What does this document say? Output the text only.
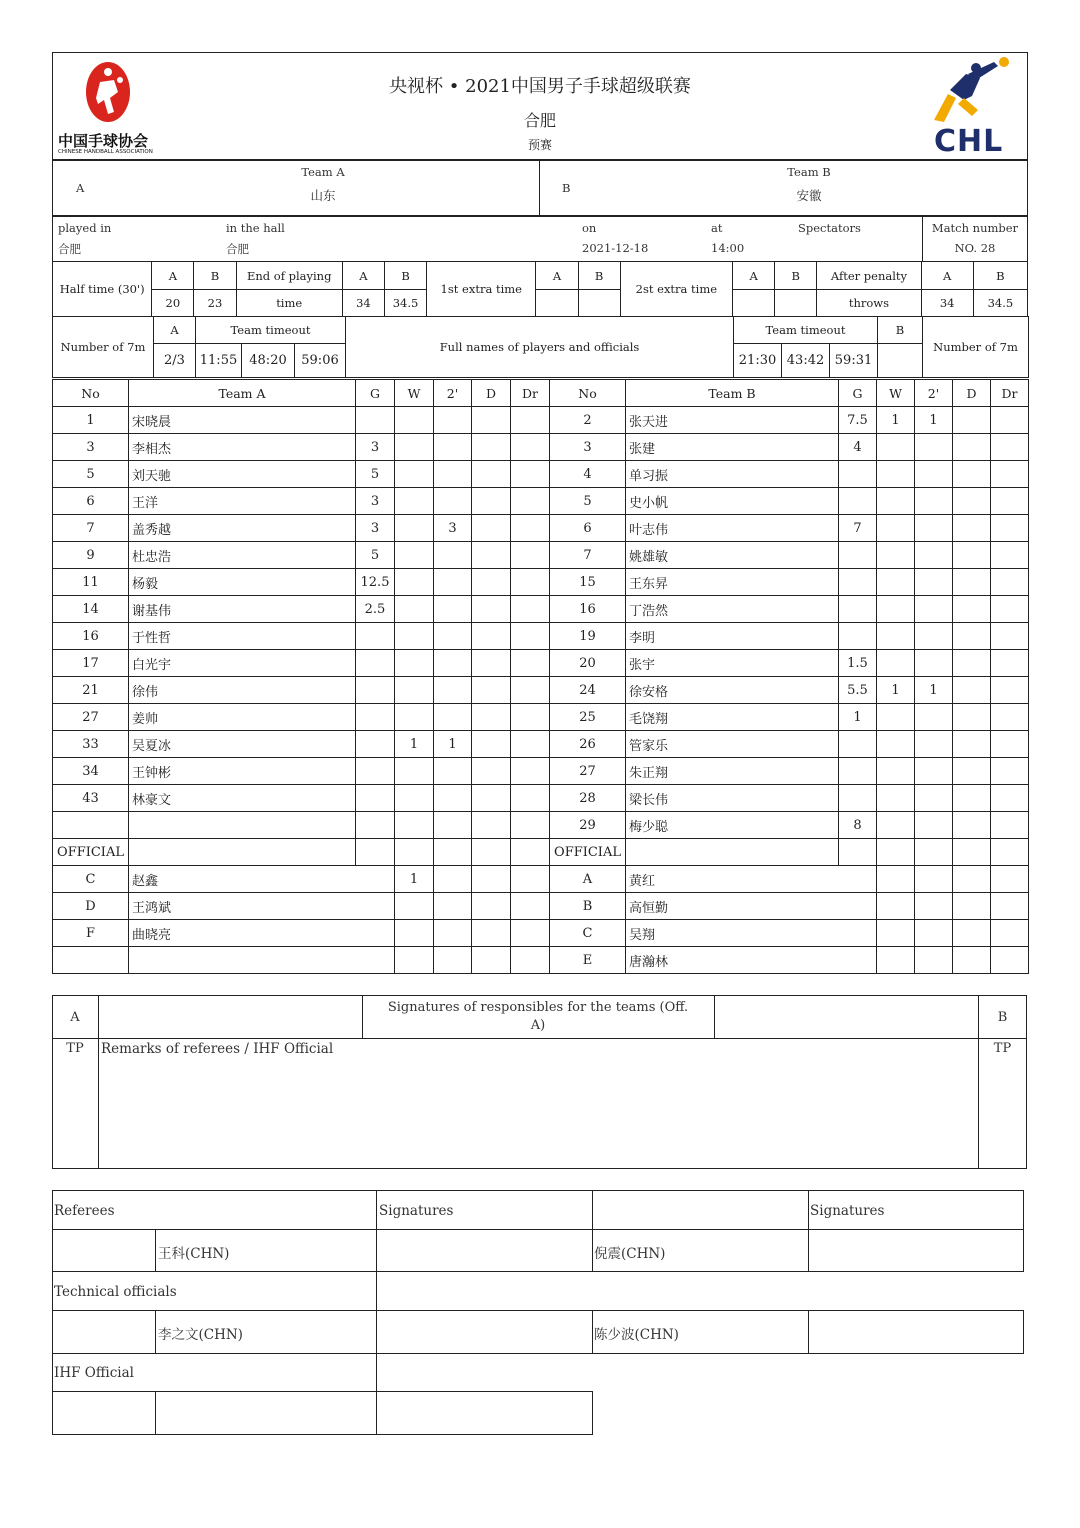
中国手球协会
CHINESE HANDBALL ASSOCIATION
央视杯 • 2021中国男子手球超级联赛
合肥
预赛	CHL
A
Team A
山东	B
Team B
安徽
played in
合肥
in the hall
合肥
on
2021-12-18
at
14:00
Spectators	Match number
NO. 28
Half time (30')	A	B	End of playing	A	B	1st extra time	A	B	2st extra time	A	B	After penalty	A	B
	20	23	time	34	34.5							throws	34	34.5
Number of 7m	A	Team timeout			Full names of players and officials	Team timeout			B	Number of 7m
	2/3	11:55	48:20	59:06		21:30	43:42	59:31		
No	Team A	G	W	2'	D	Dr	No	Team B	G	W	2'	D	Dr
1	宋晓晨						2	张天进	7.5	1	1		
3	李相杰	3					3	张建	4				
5	刘天驰	5					4	单习振					
6	王洋	3					5	史小帆					
7	盖秀越	3		3			6	叶志伟	7				
9	杜忠浩	5					7	姚雄敏					
11	杨毅	12.5					15	王东昇					
14	谢基伟	2.5					16	丁浩然					
16	于性哲						19	李明					
17	白光宇						20	张宇	1.5				
21	徐伟						24	徐安格	5.5	1	1		
27	姜帅						25	毛饶翔	1				
33	吴夏冰		1	1			26	管家乐					
34	王钟彬						27	朱正翔					
43	林豪文						28	梁长伟					
							29	梅少聪	8				
OFFICIAL							OFFICIAL						
C	赵鑫		1				A	黄红					
D	王鸿斌						B	高恒勤					
F	曲晓亮						C	吴翔					
							E	唐瀚林					
A	B
Signatures of responsibles for the teams (Off.
A)
TP	TP
Remarks of referees / IHF Official
Referees	Signatures	Signatures
王科(CHN)	倪震(CHN)
Technical officials
李之文(CHN)	陈少波(CHN)
IHF Official
